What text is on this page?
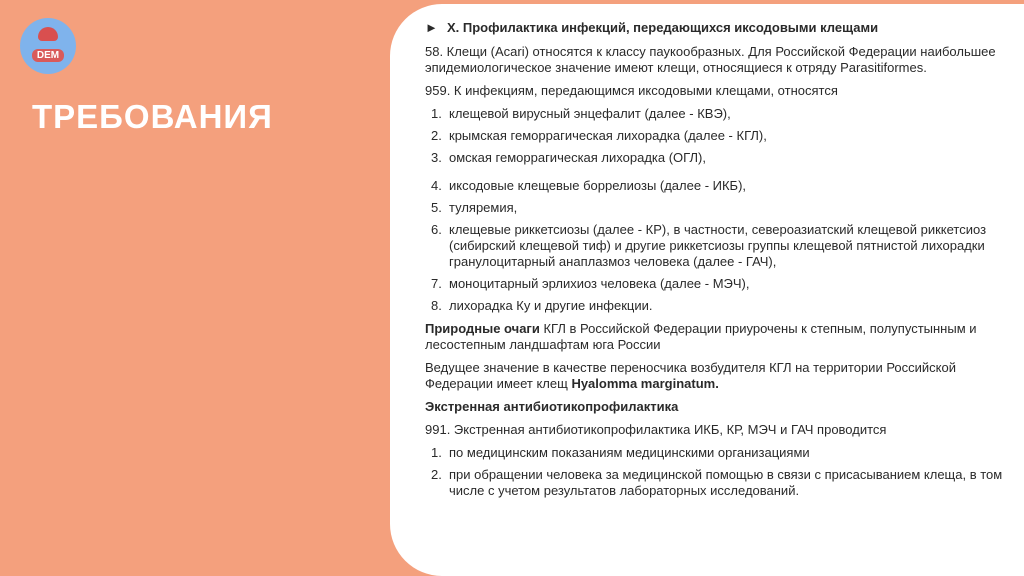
DEM
ТРЕБОВАНИЯ
► X. Профилактика инфекций, передающихся иксодовыми клещами

58. Клещи (Acari) относятся к классу паукообразных. Для Российской Федерации наибольшее эпидемиологическое значение имеют клещи, относящиеся к отряду Parasitiformes.

959. К инфекциям, передающимся иксодовыми клещами, относятся

1. клещевой вирусный энцефалит (далее - КВЭ),
2. крымская геморрагическая лихорадка (далее - КГЛ),
3. омская геморрагическая лихорадка (ОГЛ),
4. иксодовые клещевые боррелиозы (далее - ИКБ),
5. туляремия,
6. клещевые риккетсиозы (далее - КР), в частности, североазиатский клещевой риккетсиоз (сибирский клещевой тиф) и другие риккетсиозы группы клещевой пятнистой лихорадки гранулоцитарный анаплазмоз человека (далее - ГАЧ),
7. моноцитарный эрлихиоз человека (далее - МЭЧ),
8. лихорадка Ку и другие инфекции.

Природные очаги КГЛ в Российской Федерации приурочены к степным, полупустынным и лесостепным ландшафтам юга России

Ведущее значение в качестве переносчика возбудителя КГЛ на территории Российской Федерации имеет клещ Hyalomma marginatum.

Экстренная антибиотикопрофилактика

991. Экстренная антибиотикопрофилактика ИКБ, КР, МЭЧ и ГАЧ проводится

1. по медицинским показаниям медицинскими организациями
2. при обращении человека за медицинской помощью в связи с присасыванием клеща, в том числе с учетом результатов лабораторных исследований.
